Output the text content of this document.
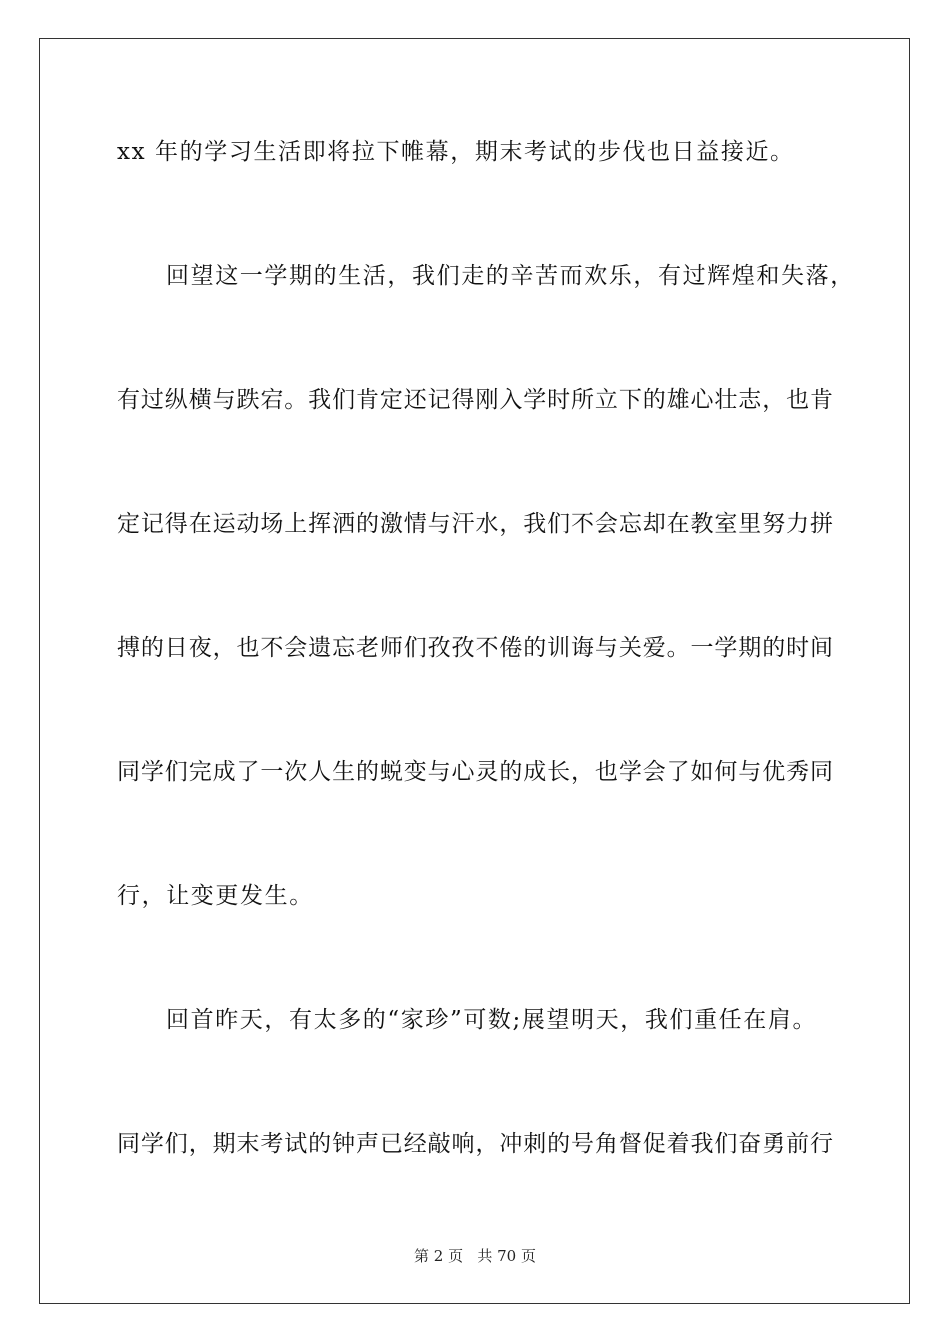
xx 年的学习生活即将拉下帷幕，期末考试的步伐也日益接近。
回望这一学期的生活，我们走的辛苦而欢乐，有过辉煌和失落，
有过纵横与跌宕。我们肯定还记得刚入学时所立下的雄心壮志，也肯
定记得在运动场上挥洒的激情与汗水，我们不会忘却在教室里努力拼
搏的日夜，也不会遗忘老师们孜孜不倦的训诲与关爱。一学期的时间
同学们完成了一次人生的蜕变与心灵的成长，也学会了如何与优秀同
行，让变更发生。
回首昨天，有太多的“家珍”可数;展望明天，我们重任在肩。
同学们，期末考试的钟声已经敲响，冲刺的号角督促着我们奋勇前行
第 2 页   共 70 页
